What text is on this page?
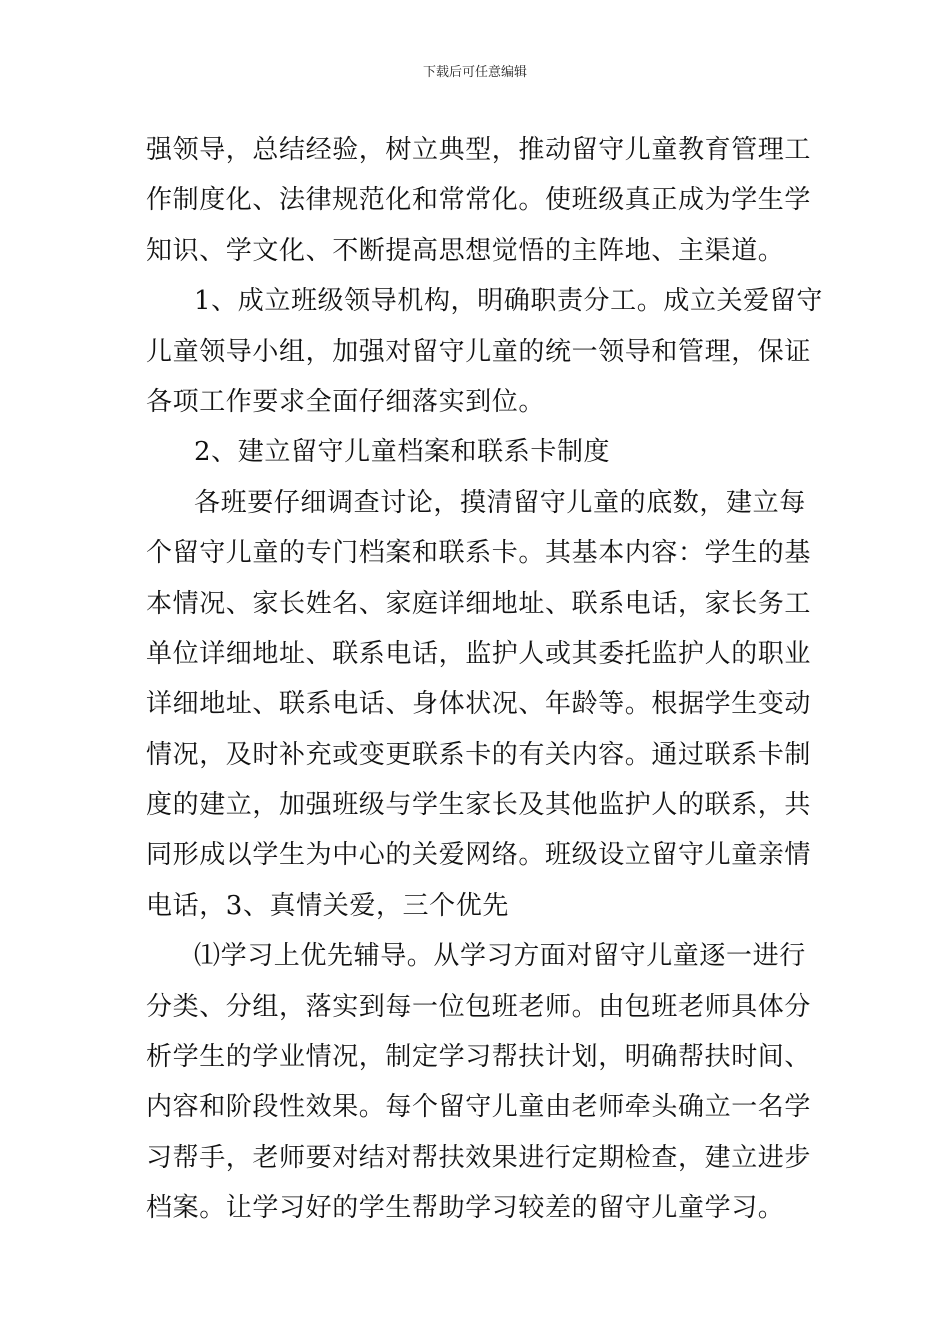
下载后可任意编辑
强领导，总结经验，树立典型，推动留守儿童教育管理工
作制度化、法律规范化和常常化。使班级真正成为学生学
知识、学文化、不断提高思想觉悟的主阵地、主渠道。
1、成立班级领导机构，明确职责分工。成立关爱留守
儿童领导小组，加强对留守儿童的统一领导和管理，保证
各项工作要求全面仔细落实到位。
2、建立留守儿童档案和联系卡制度
各班要仔细调查讨论，摸清留守儿童的底数，建立每
个留守儿童的专门档案和联系卡。其基本内容：学生的基
本情况、家长姓名、家庭详细地址、联系电话，家长务工
单位详细地址、联系电话，监护人或其委托监护人的职业
详细地址、联系电话、身体状况、年龄等。根据学生变动
情况，及时补充或变更联系卡的有关内容。通过联系卡制
度的建立，加强班级与学生家长及其他监护人的联系，共
同形成以学生为中心的关爱网络。班级设立留守儿童亲情
电话，3、真情关爱，三个优先
⑴学习上优先辅导。从学习方面对留守儿童逐一进行
分类、分组，落实到每一位包班老师。由包班老师具体分
析学生的学业情况，制定学习帮扶计划，明确帮扶时间、
内容和阶段性效果。每个留守儿童由老师牵头确立一名学
习帮手，老师要对结对帮扶效果进行定期检查，建立进步
档案。让学习好的学生帮助学习较差的留守儿童学习。
